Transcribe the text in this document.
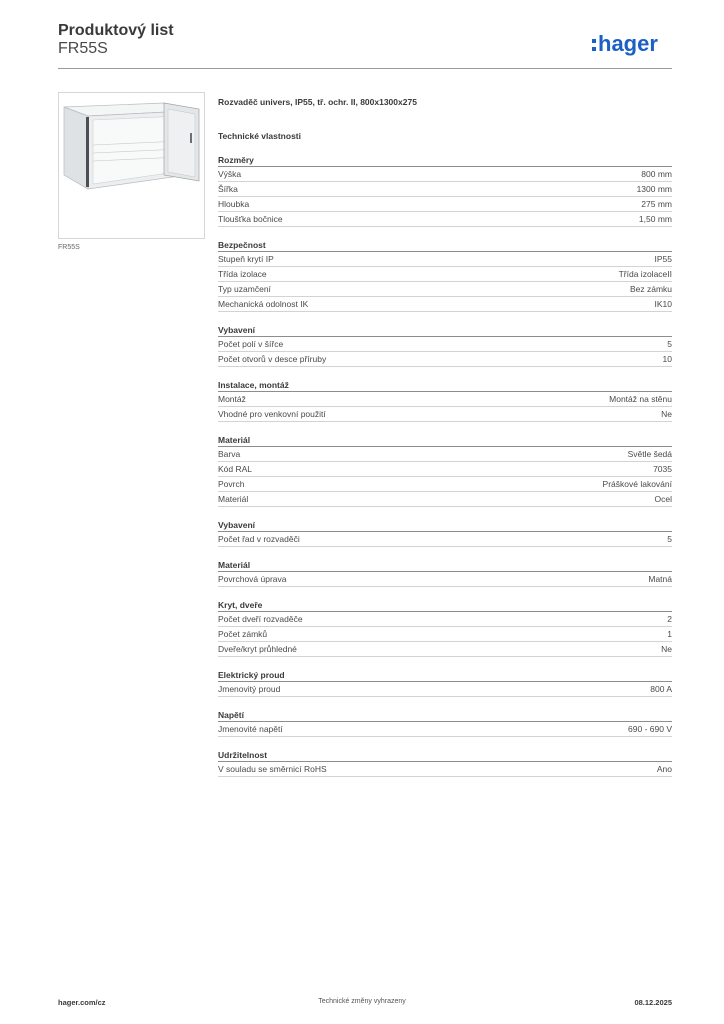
Produktový list
FR55S	hager
FR55S
Rozvaděč univers, IP55, tř. ochr. II, 800x1300x275
Technické vlastnosti
Rozměry
Výška	800 mm
Šířka	1300 mm
Hloubka	275 mm
Tloušťka bočnice	1,50 mm
Bezpečnost
Stupeň krytí IP	IP55
Třída izolace	Třída izolaceII
Typ uzamčení	Bez zámku
Mechanická odolnost IK	IK10
Vybavení
Počet polí v šířce	5
Počet otvorů v desce příruby	10
Instalace, montáž
Montáž	Montáž na stěnu
Vhodné pro venkovní použití	Ne
Materiál
Barva	Světle šedá
Kód RAL	7035
Povrch	Práškové lakování
Materiál	Ocel
Vybavení
Počet řad v rozvaděči	5
Materiál
Povrchová úprava	Matná
Kryt, dveře
Počet dveří rozvaděče	2
Počet zámků	1
Dveře/kryt průhledné	Ne
Elektrický proud
Jmenovitý proud	800 A
Napětí
Jmenovité napětí	690 - 690 V
Udržitelnost
V souladu se směrnicí RoHS	Ano
hager.com/cz	Technické změny vyhrazeny	08.12.2025
